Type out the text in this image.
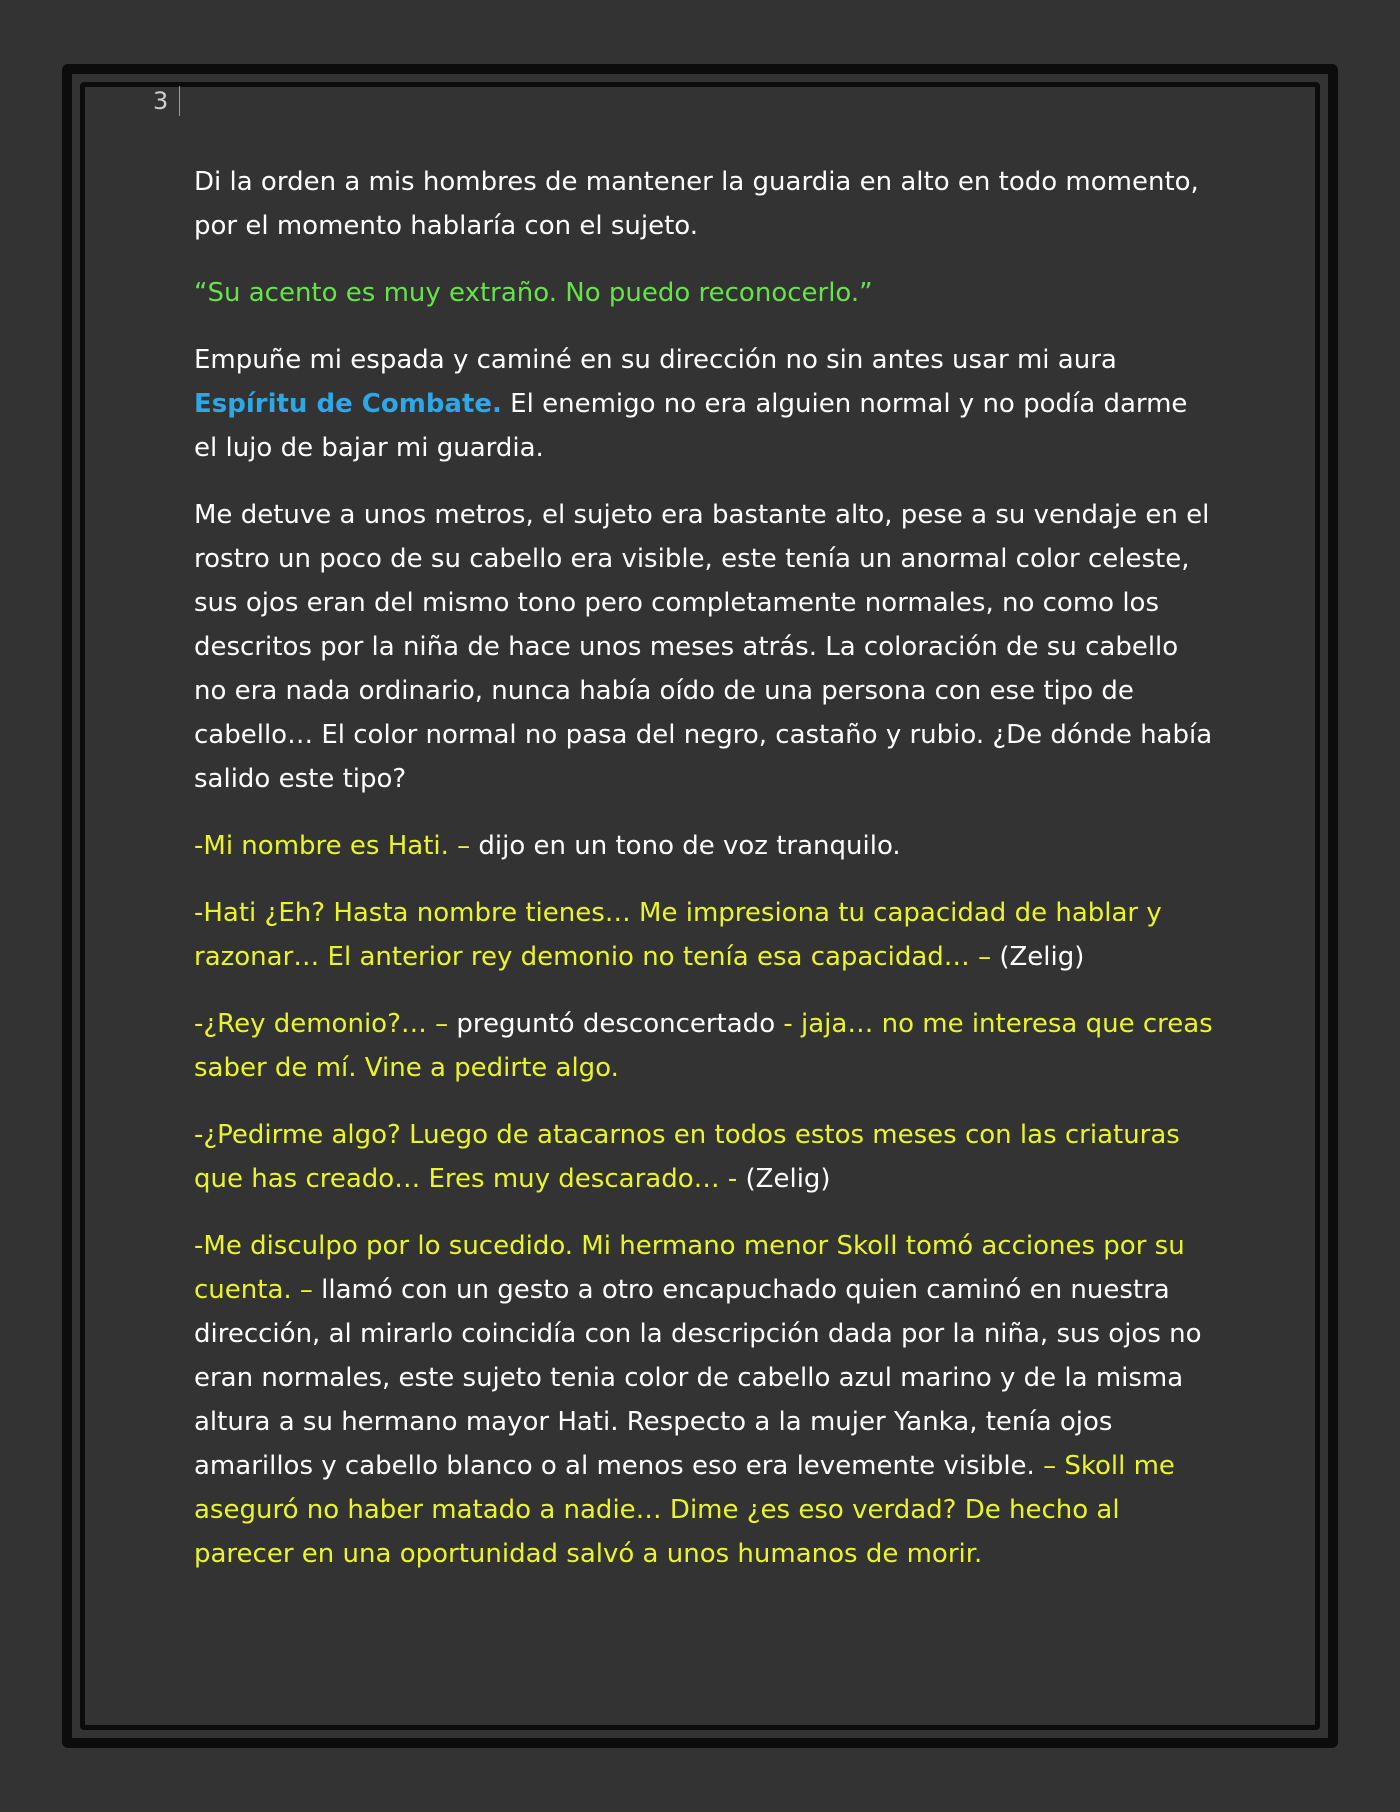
3

Di la orden a mis hombres de mantener la guardia en alto en todo momento, por el momento hablaría con el sujeto.

“Su acento es muy extraño. No puedo reconocerlo.”

Empuñe mi espada y caminé en su dirección no sin antes usar mi aura Espíritu de Combate. El enemigo no era alguien normal y no podía darme el lujo de bajar mi guardia.

Me detuve a unos metros, el sujeto era bastante alto, pese a su vendaje en el rostro un poco de su cabello era visible, este tenía un anormal color celeste, sus ojos eran del mismo tono pero completamente normales, no como los descritos por la niña de hace unos meses atrás. La coloración de su cabello no era nada ordinario, nunca había oído de una persona con ese tipo de cabello… El color normal no pasa del negro, castaño y rubio. ¿De dónde había salido este tipo?

-Mi nombre es Hati. – dijo en un tono de voz tranquilo.

-Hati ¿Eh? Hasta nombre tienes… Me impresiona tu capacidad de hablar y razonar… El anterior rey demonio no tenía esa capacidad… – (Zelig)

-¿Rey demonio?… – preguntó desconcertado - jaja… no me interesa que creas saber de mí. Vine a pedirte algo.

-¿Pedirme algo? Luego de atacarnos en todos estos meses con las criaturas que has creado… Eres muy descarado… - (Zelig)

-Me disculpo por lo sucedido. Mi hermano menor Skoll tomó acciones por su cuenta. – llamó con un gesto a otro encapuchado quien caminó en nuestra dirección, al mirarlo coincidía con la descripción dada por la niña, sus ojos no eran normales, este sujeto tenia color de cabello azul marino y de la misma altura a su hermano mayor Hati. Respecto a la mujer Yanka, tenía ojos amarillos y cabello blanco o al menos eso era levemente visible. – Skoll me aseguró no haber matado a nadie… Dime ¿es eso verdad? De hecho al parecer en una oportunidad salvó a unos humanos de morir.
